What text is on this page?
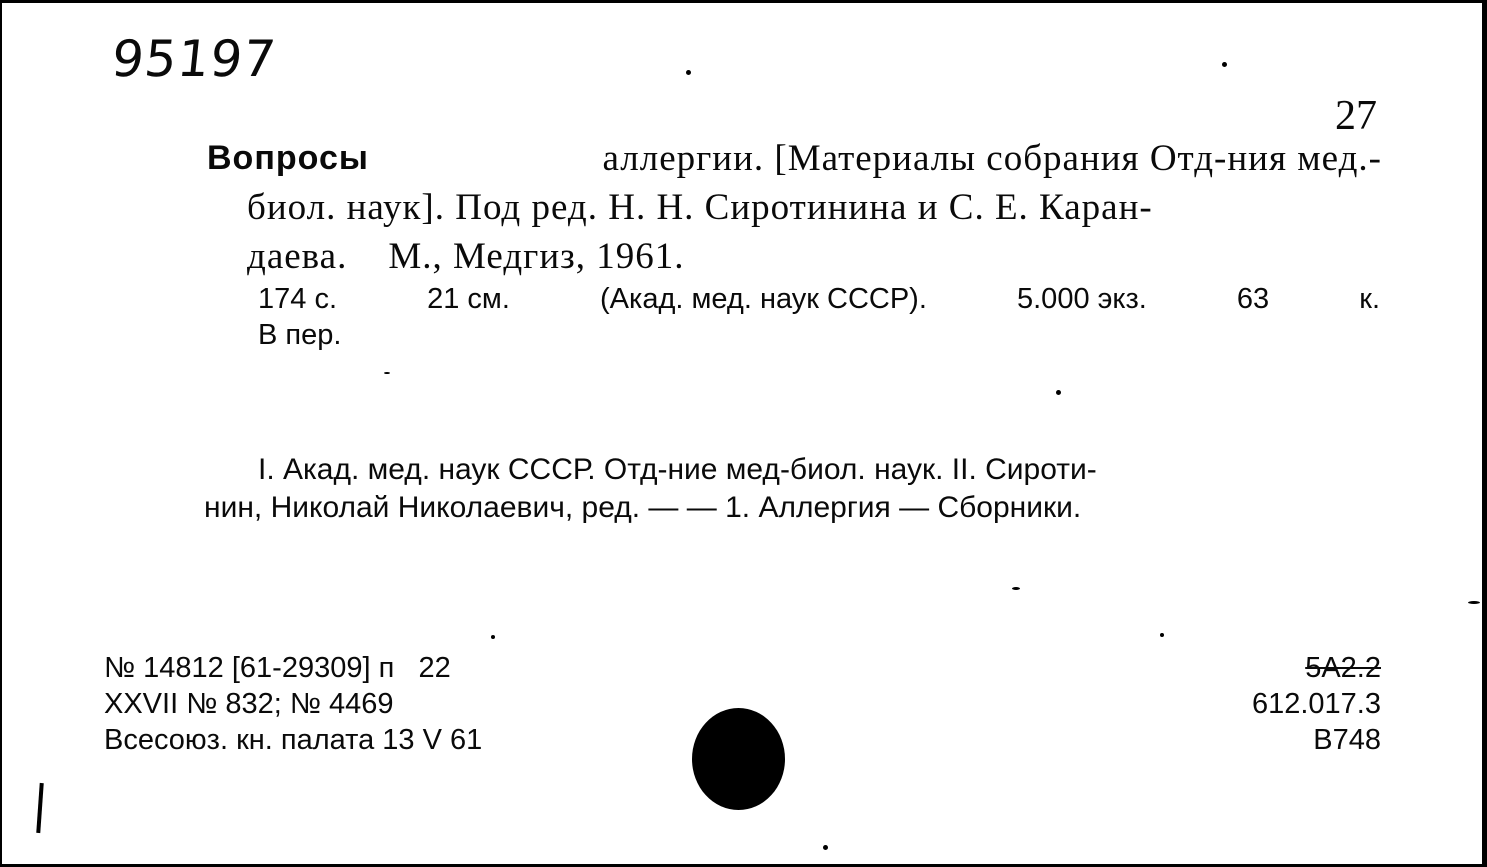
95197
27
Вопросы	аллергии. [Материалы собрания Отд-ния мед.-
биол. наук]. Под ред. Н. Н. Сиротинина и С. Е. Каран-
даева.    М., Медгиз, 1961.
174 с.	21 см.	(Акад. мед. наук СССР).	5.000 экз.	63	к.
В пер.
I. Акад. мед. наук СССР. Отд-ние мед-биол. наук. II. Сироти-
нин, Николай Николаевич, ред. — — 1. Аллергия — Сборники.
№ 14812 [61-29309] п   22
XXVII № 832; № 4469
Всесоюз. кн. палата 13 V 61
5А2.2
612.017.3
В748
